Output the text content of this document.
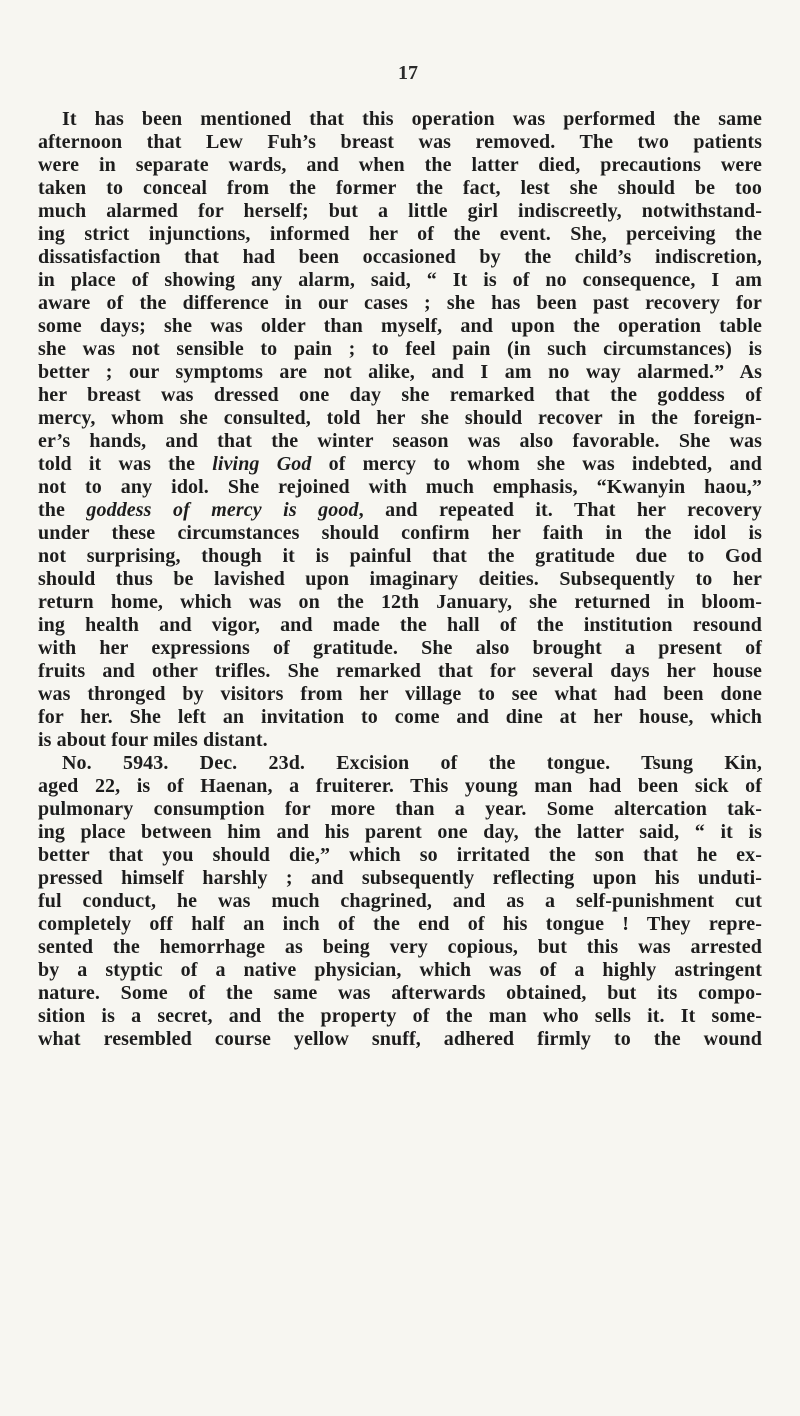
17
It has been mentioned that this operation was performed the same
afternoon that Lew Fuh’s breast was removed. The two patients
were in separate wards, and when the latter died, precautions were
taken to conceal from the former the fact, lest she should be too
much alarmed for herself; but a little girl indiscreetly, notwithstand-
ing strict injunctions, informed her of the event. She, perceiving the
dissatisfaction that had been occasioned by the child’s indiscretion,
in place of showing any alarm, said, “ It is of no consequence, I am
aware of the difference in our cases ; she has been past recovery for
some days; she was older than myself, and upon the operation table
she was not sensible to pain ; to feel pain (in such circumstances) is
better ; our symptoms are not alike, and I am no way alarmed.” As
her breast was dressed one day she remarked that the goddess of
mercy, whom she consulted, told her she should recover in the foreign-
er’s hands, and that the winter season was also favorable. She was
told it was the living God of mercy to whom she was indebted, and
not to any idol. She rejoined with much emphasis, “Kwanyin haou,”
the goddess of mercy is good, and repeated it. That her recovery
under these circumstances should confirm her faith in the idol is
not surprising, though it is painful that the gratitude due to God
should thus be lavished upon imaginary deities. Subsequently to her
return home, which was on the 12th January, she returned in bloom-
ing health and vigor, and made the hall of the institution resound
with her expressions of gratitude. She also brought a present of
fruits and other trifles. She remarked that for several days her house
was thronged by visitors from her village to see what had been done
for her. She left an invitation to come and dine at her house, which
is about four miles distant.
No. 5943. Dec. 23d. Excision of the tongue. Tsung Kin,
aged 22, is of Haenan, a fruiterer. This young man had been sick of
pulmonary consumption for more than a year. Some altercation tak-
ing place between him and his parent one day, the latter said, “ it is
better that you should die,” which so irritated the son that he ex-
pressed himself harshly ; and subsequently reflecting upon his unduti-
ful conduct, he was much chagrined, and as a self-punishment cut
completely off half an inch of the end of his tongue ! They repre-
sented the hemorrhage as being very copious, but this was arrested
by a styptic of a native physician, which was of a highly astringent
nature. Some of the same was afterwards obtained, but its compo-
sition is a secret, and the property of the man who sells it. It some-
what resembled course yellow snuff, adhered firmly to the wound
